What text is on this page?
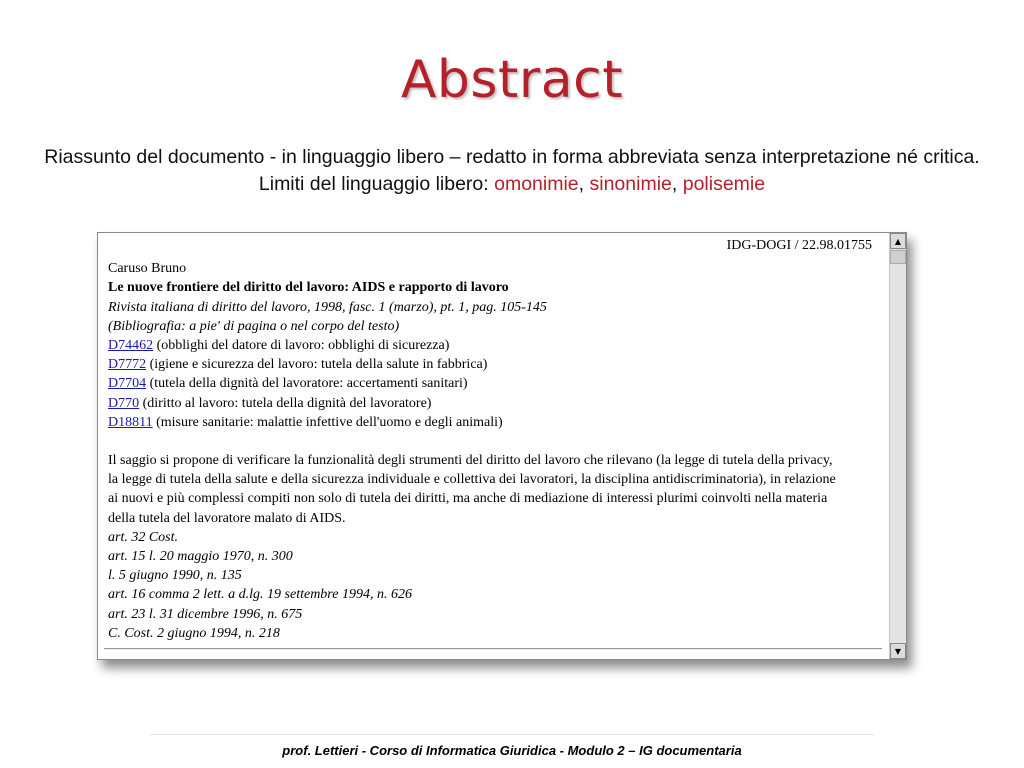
Abstract
Riassunto del documento - in linguaggio libero – redatto in forma abbreviata senza interpretazione né critica. Limiti del linguaggio libero: omonimie, sinonimie, polisemie
IDG-DOGI / 22.98.01755
Caruso Bruno
Le nuove frontiere del diritto del lavoro: AIDS e rapporto di lavoro
Rivista italiana di diritto del lavoro, 1998, fasc. 1 (marzo), pt. 1, pag. 105-145
(Bibliografia: a pie' di pagina o nel corpo del testo)
D74462 (obblighi del datore di lavoro: obblighi di sicurezza)
D7772 (igiene e sicurezza del lavoro: tutela della salute in fabbrica)
D7704 (tutela della dignità del lavoratore: accertamenti sanitari)
D770 (diritto al lavoro: tutela della dignità del lavoratore)
D18811 (misure sanitarie: malattie infettive dell'uomo e degli animali)
Il saggio si propone di verificare la funzionalità degli strumenti del diritto del lavoro che rilevano (la legge di tutela della privacy,
la legge di tutela della salute e della sicurezza individuale e collettiva dei lavoratori, la disciplina antidiscriminatoria), in relazione
ai nuovi e più complessi compiti non solo di tutela dei diritti, ma anche di mediazione di interessi plurimi coinvolti nella materia
della tutela del lavoratore malato di AIDS.
art. 32 Cost.
art. 15 l. 20 maggio 1970, n. 300
l. 5 giugno 1990, n. 135
art. 16 comma 2 lett. a d.lg. 19 settembre 1994, n. 626
art. 23 l. 31 dicembre 1996, n. 675
C. Cost. 2 giugno 1994, n. 218
▲
▼
prof. Lettieri - Corso di Informatica Giuridica - Modulo 2 – IG documentaria
